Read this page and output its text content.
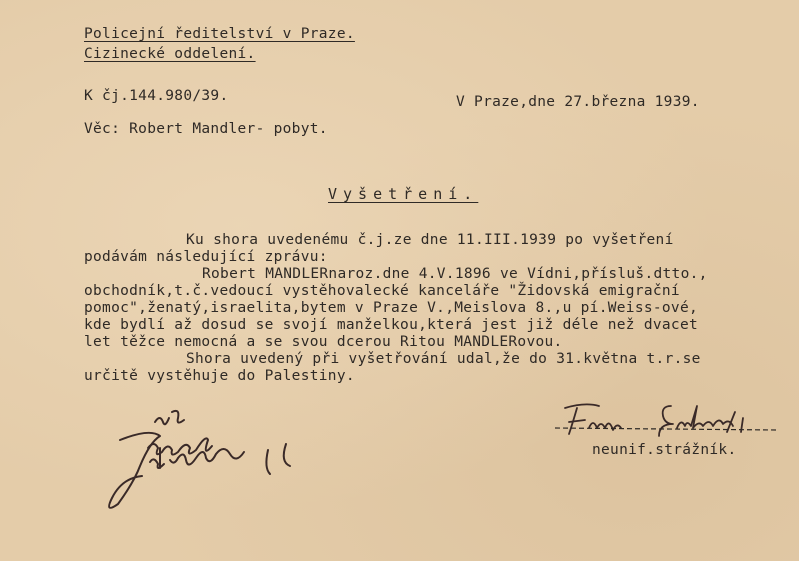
Policejní ředitelství v Praze.
Cizinecké oddelení.
K čj.144.980/39.	V Praze,dne 27.března 1939.
Věc: Robert Mandler- pobyt.
Vyšetření.
Ku shora uvedenému č.j.ze dne 11.III.1939 po vyšetření
podávám následující zprávu:
Robert MANDLERnaroz.dne 4.V.1896 ve Vídni,přísluš.dtto.,
obchodník,t.č.vedoucí vystěhovalecké kanceláře "Židovská emigrační
pomoc",ženatý,israelita,bytem v Praze V.,Meislova 8.,u pí.Weiss-ové,
kde bydlí až dosud se svojí manželkou,která jest již déle než dvacet
let těžce nemocná a se svou dcerou Ritou MANDLERovou.
Shora uvedený při vyšetřování udal,že do 31.května t.r.se
určitě vystěhuje do Palestiny.
neunif.strážník.
